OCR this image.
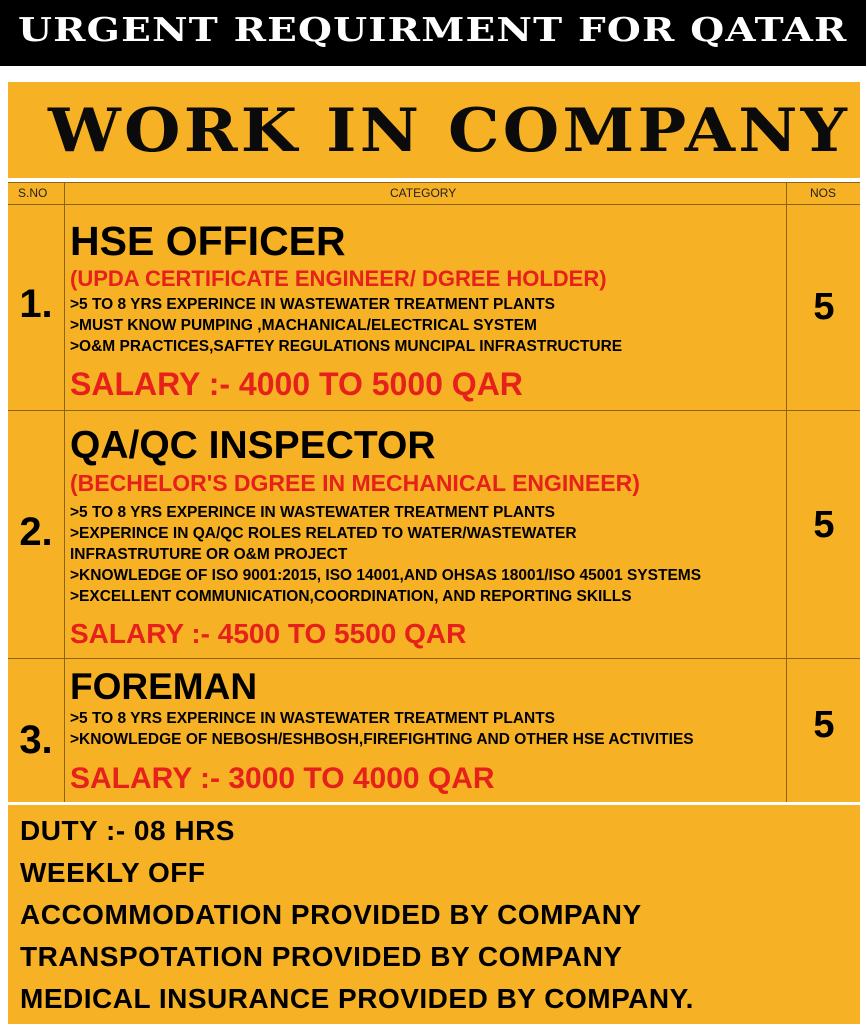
URGENT REQUIRMENT FOR QATAR
WORK IN COMPANY
S.NO	CATEGORY	NOS
1.
HSE OFFICER
(UPDA CERTIFICATE ENGINEER/ DGREE HOLDER)
>5 TO 8 YRS EXPERINCE IN WASTEWATER TREATMENT PLANTS
>MUST KNOW PUMPING ,MACHANICAL/ELECTRICAL SYSTEM
>O&M PRACTICES,SAFTEY REGULATIONS MUNCIPAL INFRASTRUCTURE
SALARY :- 4000 TO 5000 QAR
5
2.
QA/QC INSPECTOR
(BECHELOR'S DGREE IN MECHANICAL ENGINEER)
>5 TO 8 YRS EXPERINCE IN WASTEWATER TREATMENT PLANTS
>EXPERINCE IN QA/QC ROLES RELATED TO WATER/WASTEWATER
INFRASTRUTURE OR O&M PROJECT
>KNOWLEDGE OF ISO 9001:2015, ISO 14001,AND OHSAS 18001/ISO 45001 SYSTEMS
>EXCELLENT COMMUNICATION,COORDINATION, AND REPORTING SKILLS
SALARY :- 4500 TO 5500 QAR
5
3.
FOREMAN
>5 TO 8 YRS EXPERINCE IN WASTEWATER TREATMENT PLANTS
>KNOWLEDGE OF NEBOSH/ESHBOSH,FIREFIGHTING AND OTHER HSE ACTIVITIES
SALARY :- 3000 TO 4000 QAR
5
DUTY :- 08 HRS
WEEKLY OFF
ACCOMMODATION PROVIDED BY COMPANY
TRANSPOTATION PROVIDED BY COMPANY
MEDICAL INSURANCE PROVIDED BY COMPANY.
